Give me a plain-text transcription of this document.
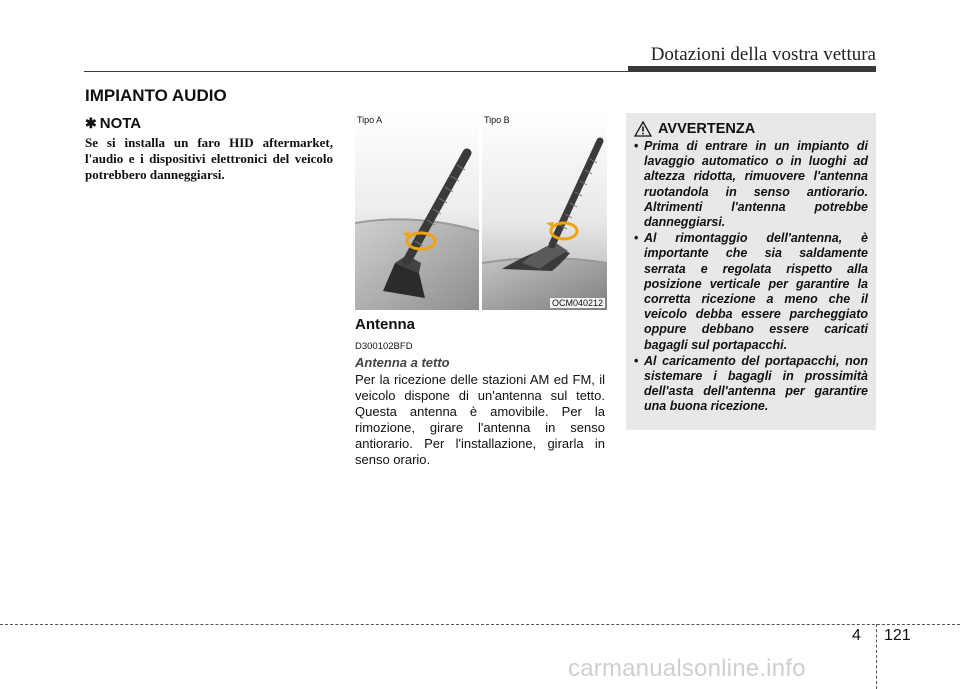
Dotazioni della vostra vettura
IMPIANTO AUDIO
✱ NOTA
Se si installa un faro HID aftermarket, l'audio e i dispositivi elettronici del veicolo potrebbero danneggiarsi.
Tipo A	Tipo B
OCM040212
Antenna
D300102BFD
Antenna a tetto
Per la ricezione delle stazioni AM ed FM, il veicolo dispone di un'antenna sul tetto. Questa antenna è amovibile. Per la rimozione, girare l'antenna in senso antiorario. Per l'installazione, girarla in senso orario.
AVVERTENZA
• Prima di entrare in un impianto di lavaggio automatico o in luoghi ad altezza ridotta, rimuovere l'antenna ruotandola in senso antiorario. Altrimenti l'antenna potrebbe danneggiarsi.
• Al rimontaggio dell'antenna, è importante che sia saldamente serrata e regolata rispetto alla posizione verticale per garantire la corretta ricezione a meno che il veicolo debba essere parcheggiato oppure debbano essere caricati bagagli sul portapacchi.
• Al caricamento del portapacchi, non sistemare i bagagli in prossimità dell'asta dell'antenna per garantire una buona ricezione.
4 121
carmanualsonline.info
